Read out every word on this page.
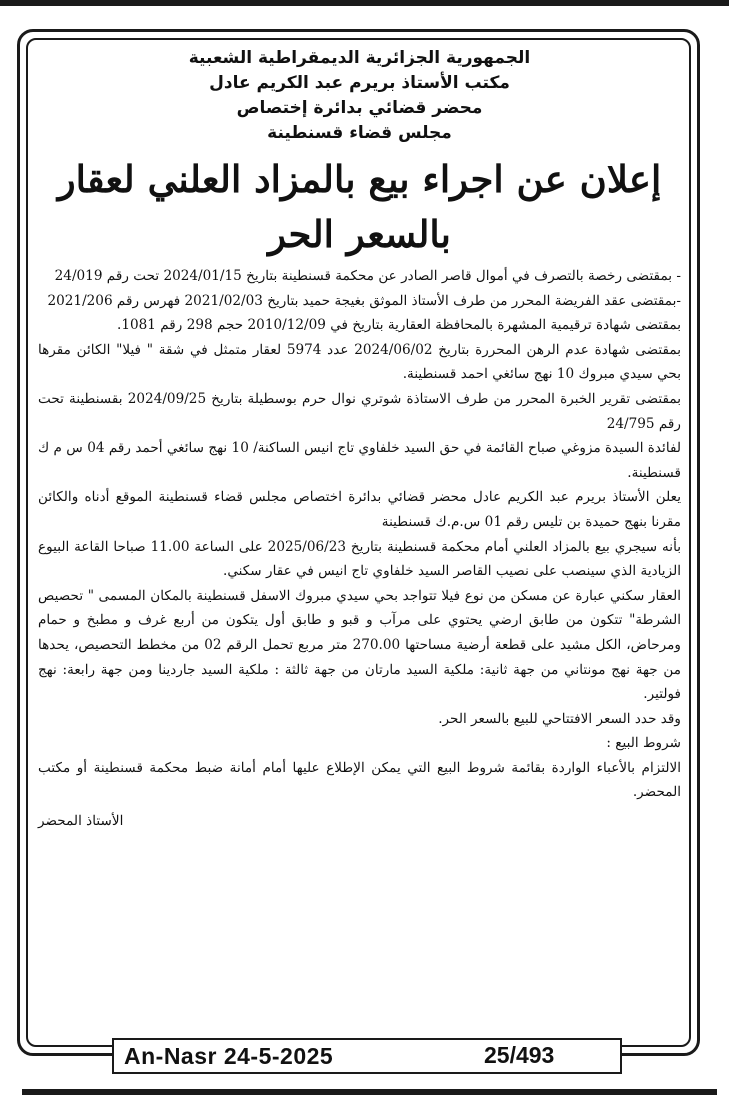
الجمهورية الجزائرية الديمقراطية الشعبية

مكتب الأستاذ بريرم عبد الكريم عادل

محضر قضائي بدائرة إختصاص

مجلس قضاء قسنطينة

إعلان عن اجراء بيع بالمزاد العلني لعقار
بالسعر الحر

- بمقتضى رخصة بالتصرف في أموال قاصر الصادر عن محكمة قسنطينة بتاريخ 2024/01/15 تحت رقم 24/019

-بمقتضى عقد الفريضة المحرر من طرف الأستاذ الموثق بغيجة حميد بتاريخ 2021/02/03 فهرس رقم 2021/206

بمقتضى شهادة ترقيمية المشهرة بالمحافظة العقارية بتاريخ في 2010/12/09 حجم 298 رقم 1081.

بمقتضى شهادة عدم الرهن المحررة بتاريخ 2024/06/02 عدد 5974 لعقار متمثل في شقة " فيلا" الكائن مقرها بحي سيدي مبروك 10 نهج سائغي احمد قسنطينة.

بمقتضى تقرير الخبرة المحرر من طرف الاستاذة شوتري نوال حرم بوسطيلة بتاريخ 2024/09/25 بقسنطينة تحت رقم 24/795

لفائدة السيدة مزوغي صباح القائمة في حق السيد خلفاوي تاج انيس الساكنة/ 10 نهج سائغي أحمد رقم 04 س م ك قسنطينة.

يعلن الأستاذ بريرم عبد الكريم عادل محضر قضائي بدائرة اختصاص مجلس قضاء قسنطينة الموقع أدناه والكائن مقرنا بنهج حميدة بن تليس رقم 01 س.م.ك قسنطينة

بأنه سيجري بيع بالمزاد العلني أمام محكمة قسنطينة بتاريخ 2025/06/23 على الساعة 11.00 صباحا القاعة البيوع الزيادية الذي سينصب على نصيب القاصر السيد خلفاوي تاج انيس في عقار سكني.

العقار سكني عبارة عن مسكن من نوع فيلا تتواجد بحي سيدي مبروك الاسفل قسنطينة بالمكان المسمى " تحصيص الشرطة" تتكون من طابق ارضي يحتوي على مرآب و قبو و طابق أول يتكون من أربع غرف و مطبخ و حمام ومرحاض، الكل مشيد على قطعة أرضية مساحتها 270.00 متر مربع تحمل الرقم 02 من مخطط التحصيص، يحدها من جهة نهج مونتاني من جهة ثانية: ملكية السيد مارتان من جهة ثالثة : ملكية السيد جاردينا ومن جهة رابعة: نهج فولتير.

وقد حدد السعر الافتتاحي للبيع بالسعر الحر.

شروط البيع :

الالتزام بالأعباء الواردة بقائمة شروط البيع التي يمكن الإطلاع عليها أمام أمانة ضبط محكمة قسنطينة أو مكتب المحضر.

الأستاذ المحضر
An-Nasr 24-5-2025	25/493
